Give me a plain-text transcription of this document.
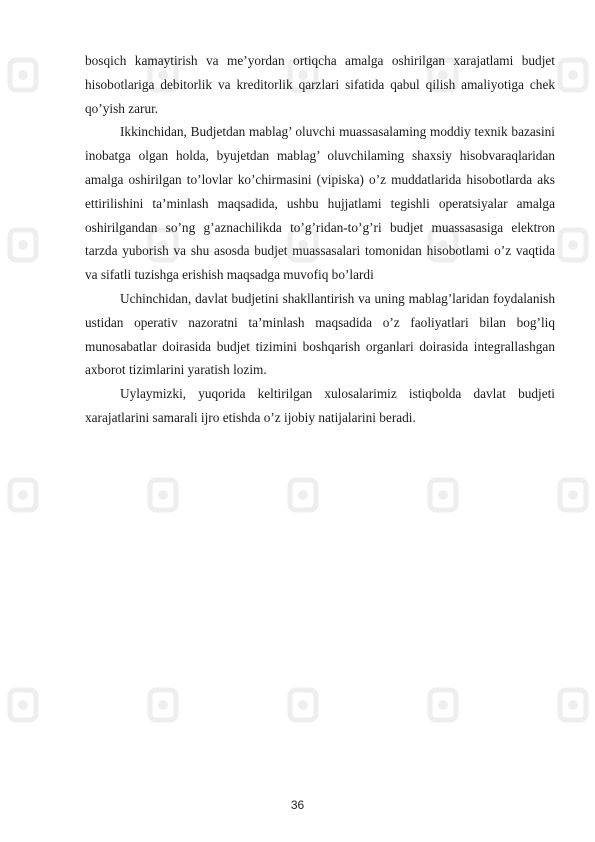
bosqich kamaytirish va me’yordan ortiqcha amalga oshirilgan xarajatlami budjet hisobotlariga debitorlik va kreditorlik qarzlari sifatida qabul qilish amaliyotiga chek qo’yish zarur.

Ikkinchidan, Budjetdan mablag’ oluvchi muassasalaming moddiy texnik bazasini inobatga olgan holda, byujetdan mablag’ oluvchilaming shaxsiy hisobvaraqlaridan amalga oshirilgan to’lovlar ko’chirmasini (vipiska) o’z muddatlarida hisobotlarda aks ettirilishini ta’minlash maqsadida, ushbu hujjatlami tegishli operatsiyalar amalga oshirilgandan so’ng g’aznachilikda to’g’ridan-to’g’ri budjet muassasasiga elektron tarzda yuborish va shu asosda budjet muassasalari tomonidan hisobotlami o’z vaqtida va sifatli tuzishga erishish maqsadga muvofiq bo’lardi

Uchinchidan, davlat budjetini shakllantirish va uning mablag’laridan foydalanish ustidan operativ nazoratni ta’minlash maqsadida o’z faoliyatlari bilan bog’liq munosabatlar doirasida budjet tizimini boshqarish organlari doirasida integrallashgan axborot tizimlarini yaratish lozim.

Uylaymizki, yuqorida keltirilgan xulosalarimiz istiqbolda davlat budjeti xarajatlarini samarali ijro etishda o’z ijobiy natijalarini beradi.

36
